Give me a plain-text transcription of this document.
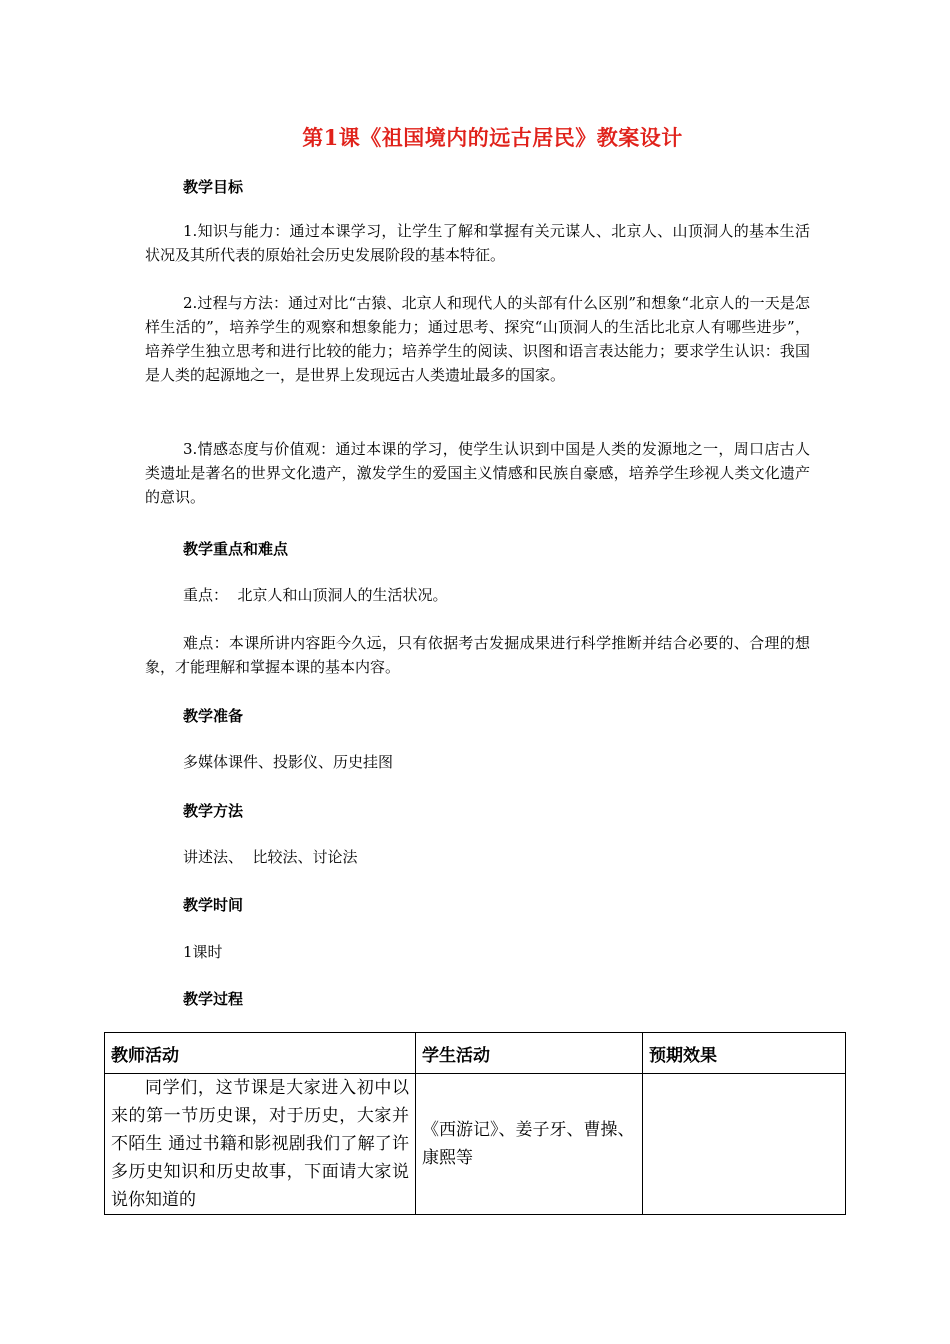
第1课《祖国境内的远古居民》教案设计
教学目标

1.知识与能力：通过本课学习，让学生了解和掌握有关元谋人、北京人、山顶洞人的基本生活状况及其所代表的原始社会历史发展阶段的基本特征。

2.过程与方法：通过对比“古猿、北京人和现代人的头部有什么区别”和想象“北京人的一天是怎样生活的”，培养学生的观察和想象能力；通过思考、探究“山顶洞人的生活比北京人有哪些进步”，培养学生独立思考和进行比较的能力；培养学生的阅读、识图和语言表达能力；要求学生认识：我国是人类的起源地之一，是世界上发现远古人类遗址最多的国家。

3.情感态度与价值观：通过本课的学习，使学生认识到中国是人类的发源地之一，周口店古人类遗址是著名的世界文化遗产，激发学生的爱国主义情感和民族自豪感，培养学生珍视人类文化遗产的意识。

教学重点和难点

重点：  北京人和山顶洞人的生活状况。

难点：本课所讲内容距今久远，只有依据考古发掘成果进行科学推断并结合必要的、合理的想象，才能理解和掌握本课的基本内容。

教学准备

多媒体课件、投影仪、历史挂图

教学方法

讲述法、  比较法、讨论法

教学时间

1课时

教学过程
教师活动	学生活动	预期效果

同学们，这节课是大家进入初中以来的第一节历史课，对于历史，大家并不陌生 通过书籍和影视剧我们了解了许多历史知识和历史故事，下面请大家说说你知道的	《西游记》、姜子牙、曹操、康熙等	
